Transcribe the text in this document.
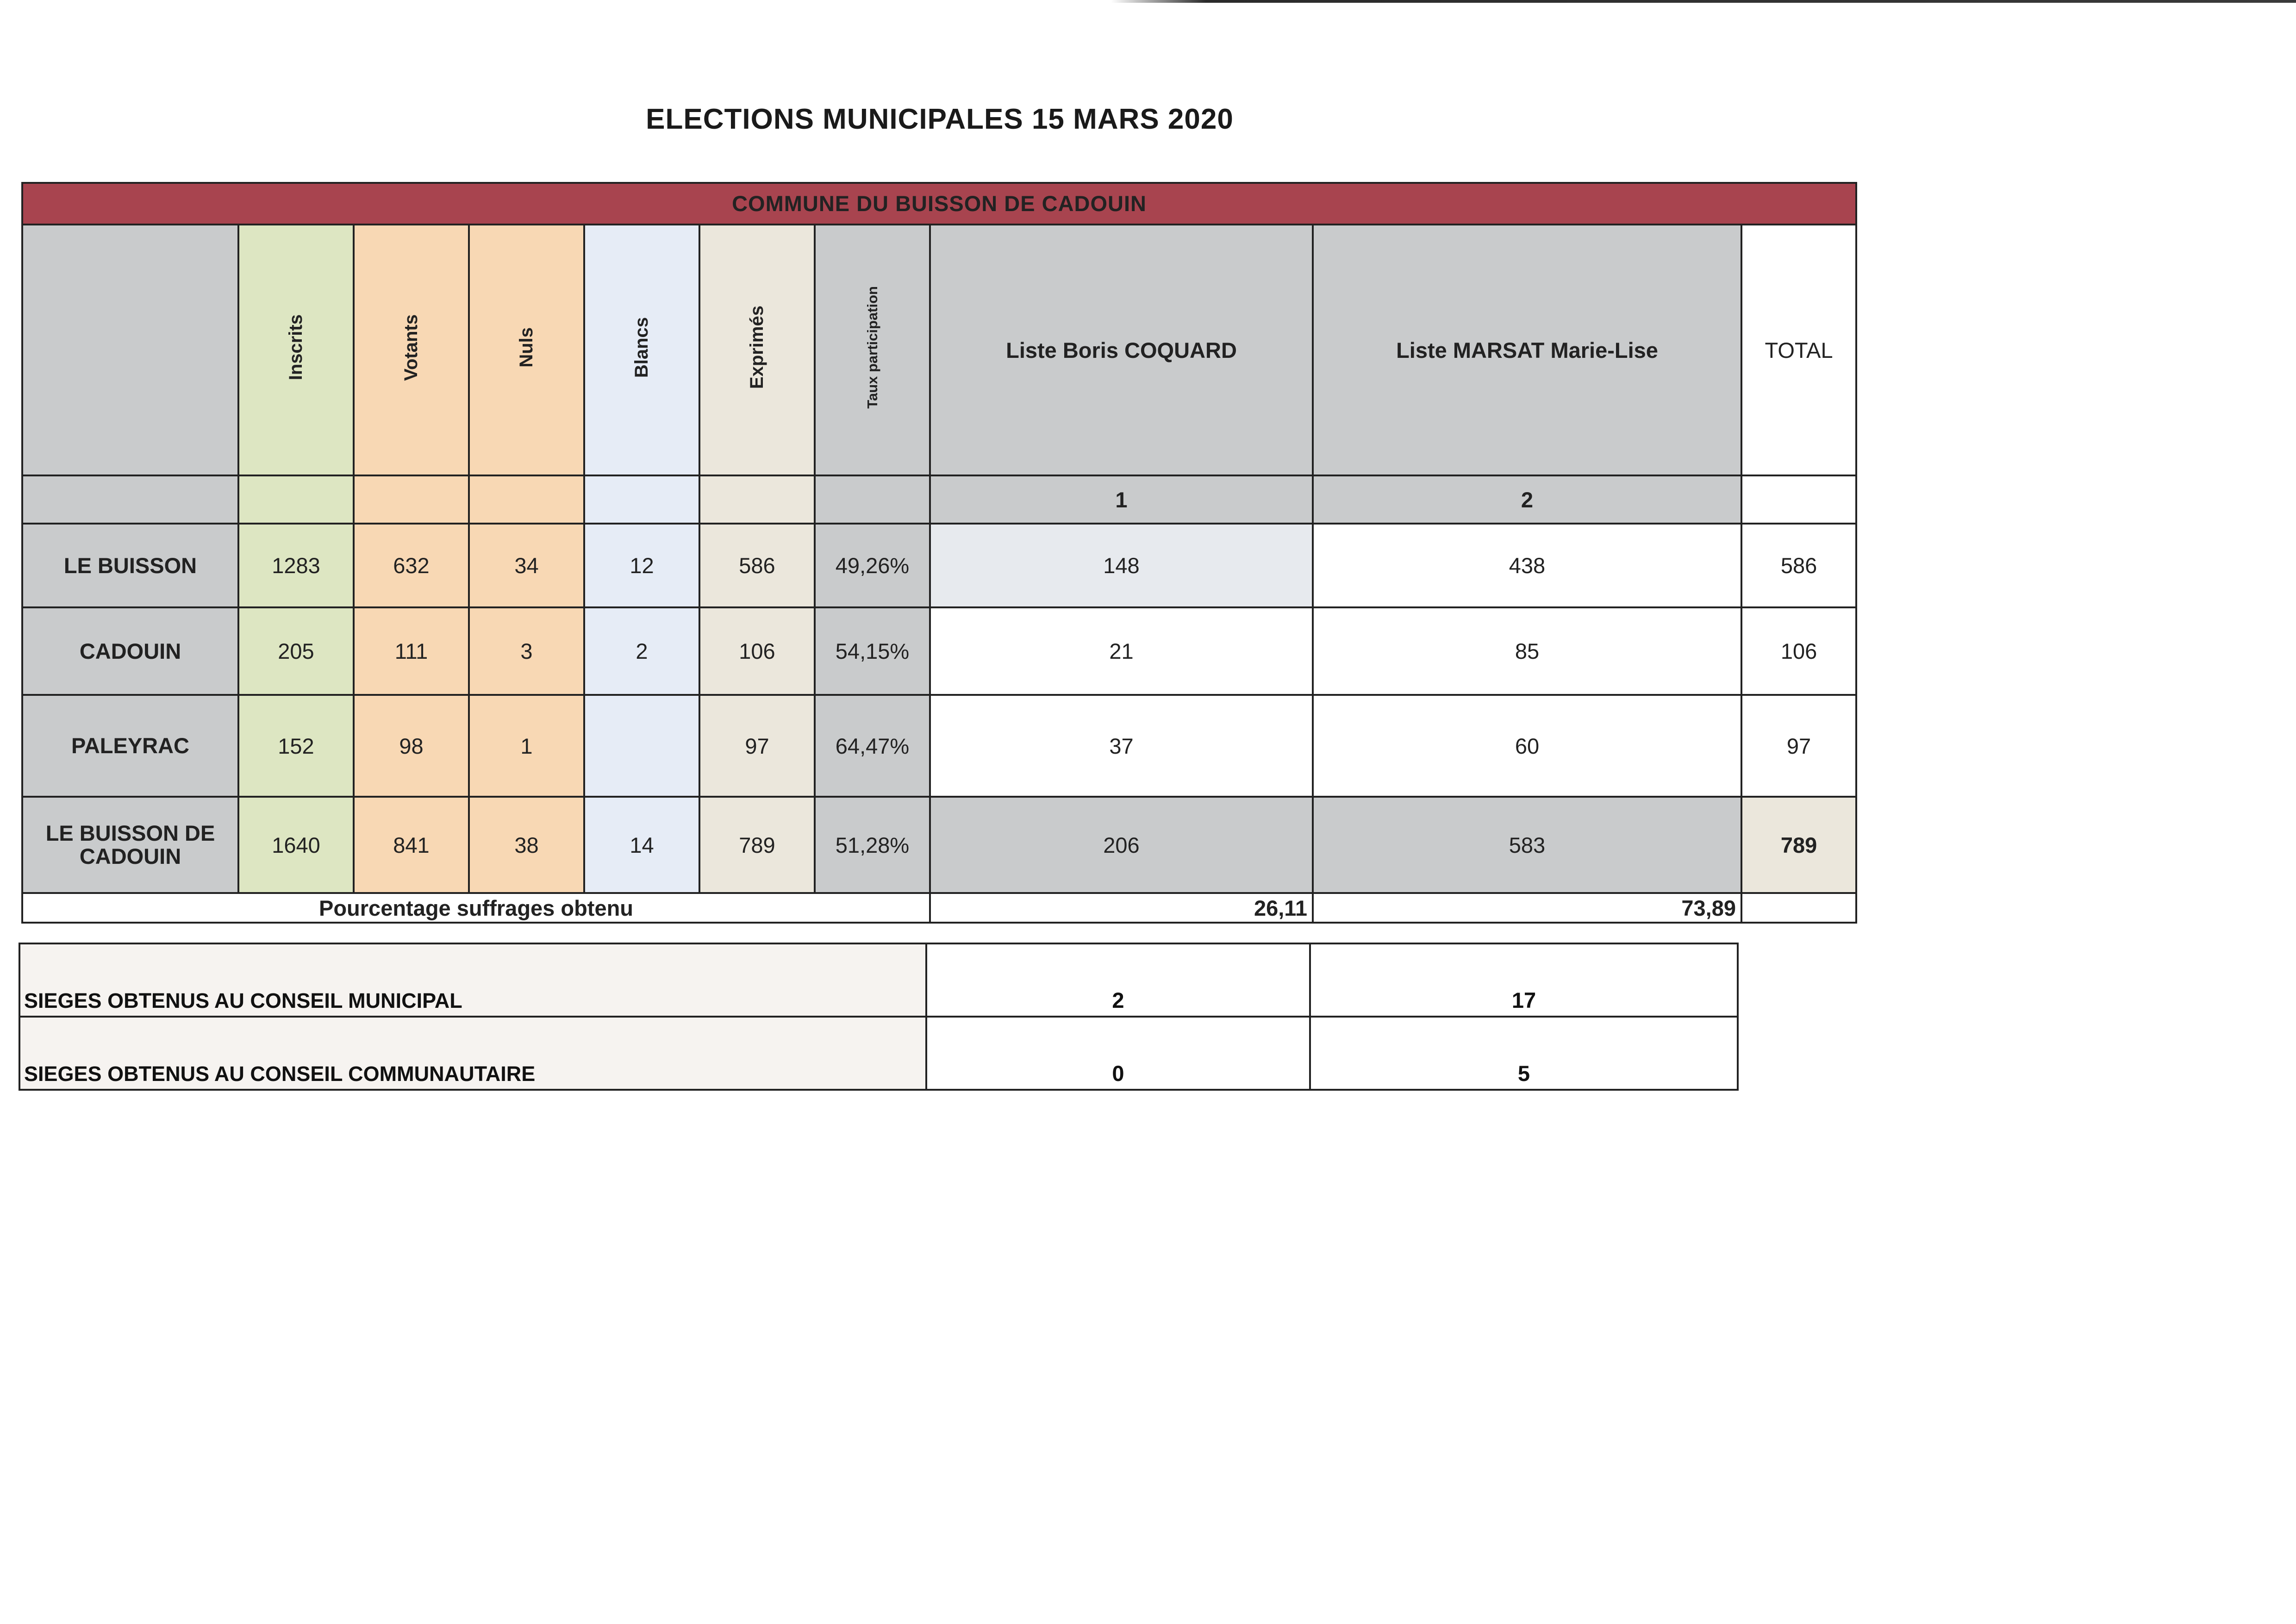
ELECTIONS MUNICIPALES 15 MARS 2020
COMMUNE DU BUISSON DE CADOUIN									
	Inscrits	Votants	Nuls	Blancs	Exprimés	Taux participation	Liste Boris COQUARD	Liste MARSAT Marie-Lise	TOTAL
							1	2	
LE BUISSON	1283	632	34	12	586	49,26%	148	438	586
CADOUIN	205	111	3	2	106	54,15%	21	85	106
PALEYRAC	152	98	1		97	64,47%	37	60	97
LE BUISSON DE CADOUIN	1640	841	38	14	789	51,28%	206	583	789
Pourcentage suffrages obtenu							26,11	73,89	
SIEGES OBTENUS AU CONSEIL MUNICIPAL	2	17
SIEGES OBTENUS AU CONSEIL COMMUNAUTAIRE	0	5
